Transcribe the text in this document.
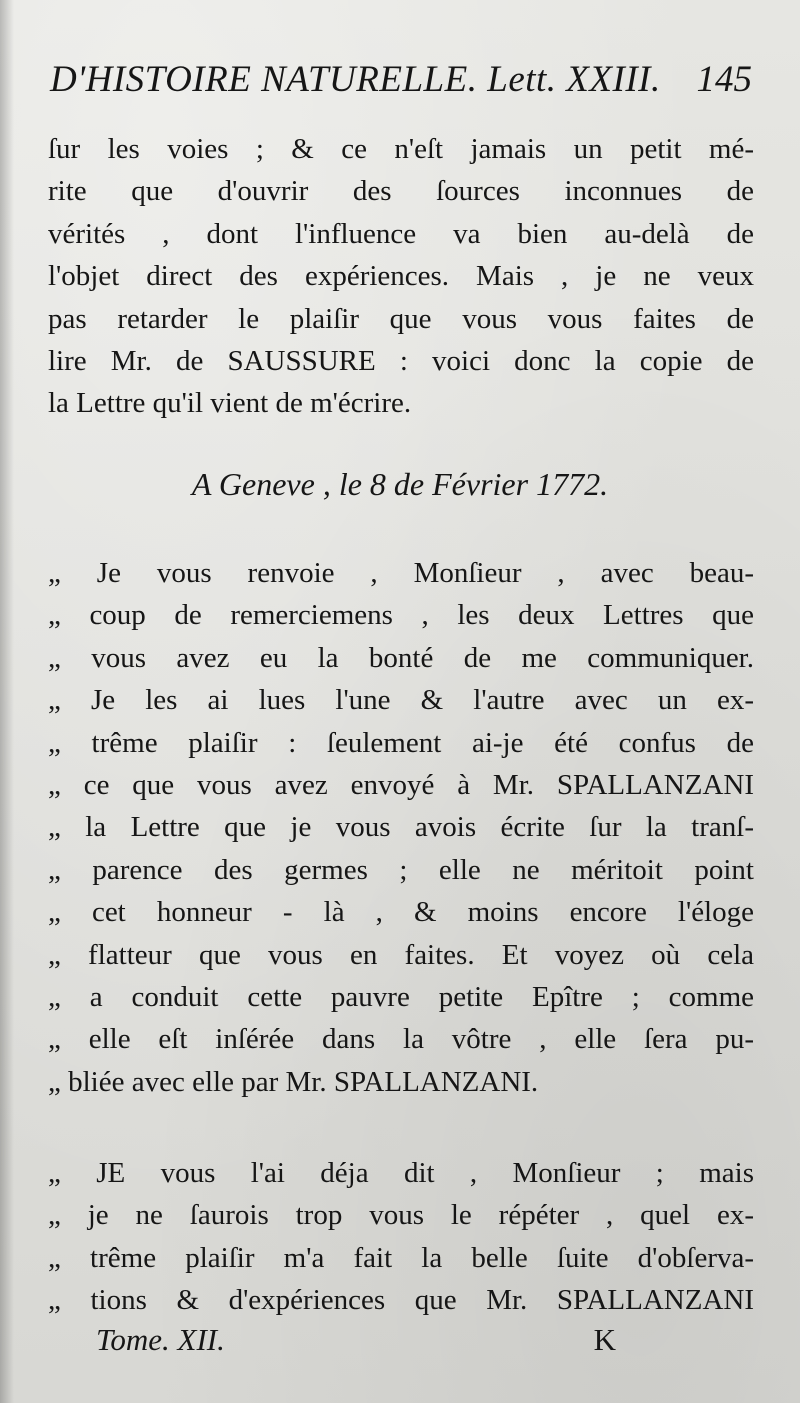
D'HISTOIRE NATURELLE. Lett. XXIII. 145
ſur les voies ; & ce n'eſt jamais un petit mé-
rite que d'ouvrir des ſources inconnues de
vérités , dont l'influence va bien au-delà de
l'objet direct des expériences. Mais , je ne veux
pas retarder le plaiſir que vous vous faites de
lire Mr. de SAUSSURE : voici donc la copie de
la Lettre qu'il vient de m'écrire.
A Geneve , le 8 de Février 1772.
„ Je vous renvoie , Monſieur , avec beau-
„ coup de remerciemens , les deux Lettres que
„ vous avez eu la bonté de me communiquer.
„ Je les ai lues l'une & l'autre avec un ex-
„ trême plaiſir : ſeulement ai-je été confus de
„ ce que vous avez envoyé à Mr. SPALLANZANI
„ la Lettre que je vous avois écrite ſur la tranſ-
„ parence des germes ; elle ne méritoit point
„ cet honneur - là , & moins encore l'éloge
„ flatteur que vous en faites. Et voyez où cela
„ a conduit cette pauvre petite Epître ; comme
„ elle eſt inſérée dans la vôtre , elle ſera pu-
„ bliée avec elle par Mr. SPALLANZANI.
„ JE vous l'ai déja dit , Monſieur ; mais
„ je ne ſaurois trop vous le répéter , quel ex-
„ trême plaiſir m'a fait la belle ſuite d'obſerva-
„ tions & d'expériences que Mr. SPALLANZANI
Tome. XII.	K
